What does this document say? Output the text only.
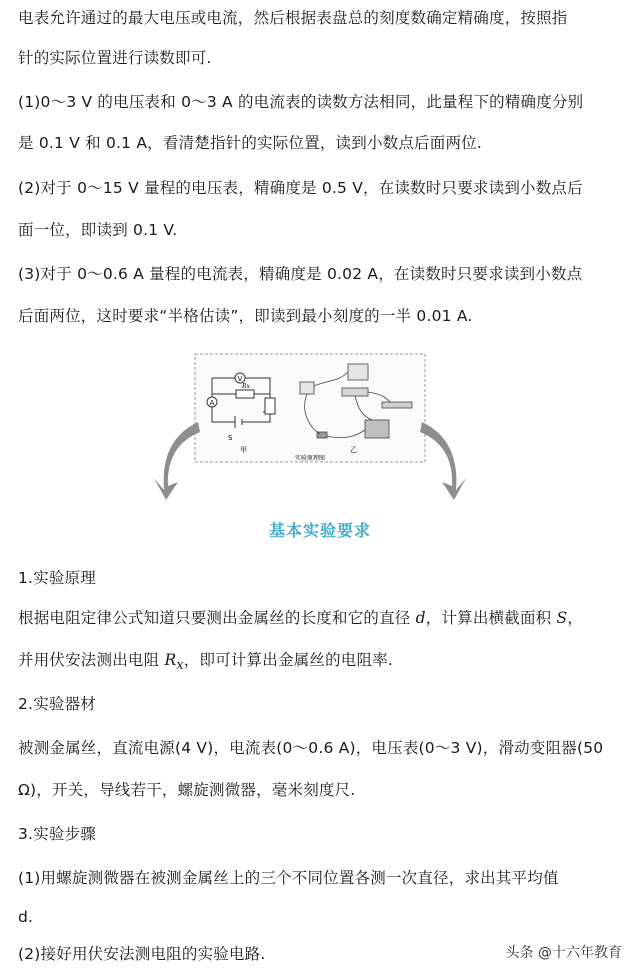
电表允许通过的最大电压或电流，然后根据表盘总的刻度数确定精确度，按照指
针的实际位置进行读数即可.
(1)0～3 V 的电压表和 0～3 A 的电流表的读数方法相同，此量程下的精确度分别
是 0.1 V 和 0.1 A，看清楚指针的实际位置，读到小数点后面两位.
(2)对于 0～15 V 量程的电压表，精确度是 0.5 V，在读数时只要求读到小数点后
面一位，即读到 0.1 V.
(3)对于 0～0.6 A 量程的电流表，精确度是 0.02 A，在读数时只要求读到小数点
后面两位，这时要求“半格估读”，即读到最小刻度的一半 0.01 A.
V
A
Rx
S
甲	乙
实验原理图
基本实验要求
1.实验原理
根据电阻定律公式知道只要测出金属丝的长度和它的直径 d，计算出横截面积 S，
并用伏安法测出电阻 $R_x$，即可计算出金属丝的电阻率.
2.实验器材
被测金属丝，直流电源(4 V)，电流表(0～0.6 A)，电压表(0～3 V)，滑动变阻器(50
Ω)，开关，导线若干，螺旋测微器，毫米刻度尺.
3.实验步骤
(1)用螺旋测微器在被测金属丝上的三个不同位置各测一次直径，求出其平均值
d.
(2)接好用伏安法测电阻的实验电路.	头条 @十六年教育
